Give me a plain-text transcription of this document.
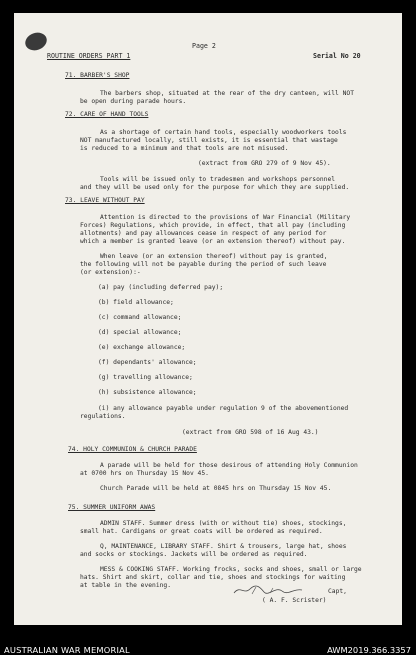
Page 2
ROUTINE ORDERS PART 1	Serial No 20
71. BARBER'S SHOP
The barbers shop, situated at the rear of the dry canteen, will NOT
be open during parade hours.
72. CARE OF HAND TOOLS
As a shortage of certain hand tools, especially woodworkers tools
NOT manufactured locally, still exists, it is essential that wastage
is reduced to a minimum and that tools are not misused.
(extract from GRO 279 of 9 Nov 45).
Tools will be issued only to tradesmen and workshops personnel
and they will be used only for the purpose for which they are supplied.
73. LEAVE WITHOUT PAY
Attention is directed to the provisions of War Financial (Military
Forces) Regulations, which provide, in effect, that all pay (including
allotments) and pay allowances cease in respect of any period for
which a member is granted leave (or an extension thereof) without pay.
When leave (or an extension thereof) without pay is granted,
the following will not be payable during the period of such leave
(or extension):-
(a) pay (including deferred pay);
(b) field allowance;
(c) command allowance;
(d) special allowance;
(e) exchange allowance;
(f) dependants' allowance;
(g) travelling allowance;
(h) subsistence allowance;
(i) any allowance payable under regulation 9 of the abovementioned
regulations.
(extract from GRO 598 of 16 Aug 43.)
74. HOLY COMMUNION & CHURCH PARADE
A parade will be held for those desirous of attending Holy Communion
at 0700 hrs on Thursday 15 Nov 45.
Church Parade will be held at 0845 hrs on Thursday 15 Nov 45.
75. SUMMER UNIFORM AWAS
ADMIN STAFF. Summer dress (with or without tie) shoes, stockings,
small hat. Cardigans or great coats will be ordered as required.
Q, MAINTENANCE, LIBRARY STAFF. Shirt & trousers, large hat, shoes
and socks or stockings. Jackets will be ordered as required.
MESS & COOKING STAFF. Working frocks, socks and shoes, small or large
hats. Shirt and skirt, collar and tie, shoes and stockings for waiting
at table in the evening.
Capt,
( A. F. Scrister)
AUSTRALIAN WAR MEMORIAL	AWM2019.366.3357
